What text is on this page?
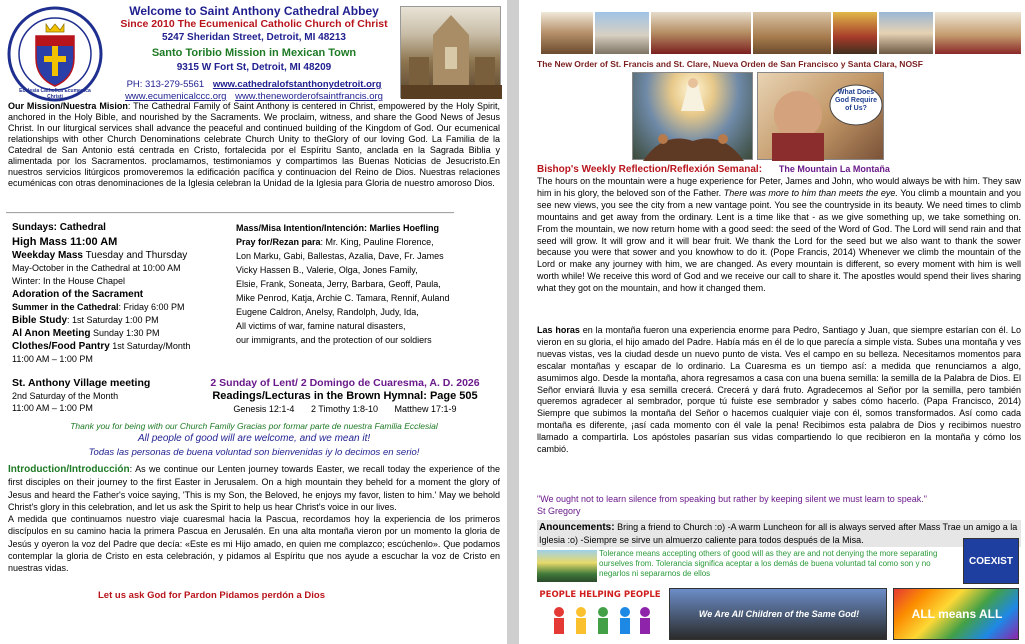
Ecclesia Catholica Ecumenica Christi

Welcome to Saint Anthony Cathedral Abbey

Since 2010 The Ecumenical Catholic Church of Christ

5247 Sheridan Street, Detroit, MI 48213

Santo Toribio Mission in Mexican Town

9315 W Fort St, Detroit, MI 48209

PH: 313-279-5561 www.cathedralofstanthonydetroit.org

www.ecumenicalccc.org www.theneworderofsaintfrancis.org

Our Mission/Nuestra Mision: The Cathedral Family of Saint Anthony is centered in Christ, empowered by the Holy Spirit, anchored in the Holy Bible, and nourished by the Sacraments. We proclaim, witness, and share the Good News of Jesus Christ. In our liturgical services shall advance the peaceful and continued building of the Kingdom of God. Our ecumenical relationships with other Church Denominations celebrate Church Unity to theGlory of our loving God. La Familia de la Catedral de San Antonio está centrada en Cristo, fortalecida por el Espíritu Santo, anclada en la Sagrada Biblia y alimentada por los Sacramentos. proclamamos, testimoniamos y compartimos las Buenas Noticias de Jesucristo.En nuestros servicios litúrgicos promoveremos la edificación pacífica y continuacion del Reino de Dios. Nuestras relaciones ecuménicas con otras denominaciones de la Iglesia celebran la Unidad de la Iglesia para Gloria de nuestro amoroso Dios.

————————————————————————————————————————————————————————

Sundays: Cathedral

High Mass 11:00 AM

Weekday Mass Tuesday and Thursday

May-October in the Cathedral at 10:00 AM

Winter: In the House Chapel

Adoration of the Sacrament

Summer in the Cathedral: Friday 6:00 PM

Bible Study: 1st Saturday 1:00 PM

Al Anon Meeting Sunday 1:30 PM

Clothes/Food Pantry 1st Saturday/Month

11:00 AM – 1:00 PM

Mass/Misa Intention/Intención: Marlies Hoefling

Pray for/Rezan para: Mr. King, Pauline Florence,

Lon Marku, Gabi, Ballestas, Azalia, Dave, Fr. James

Vicky Hassen B., Valerie, Olga, Jones Family,

Elsie, Frank, Soneata, Jerry, Barbara, Geoff, Paula,

Mike Penrod, Katja, Archie C. Tamara, Rennif, Auland

Eugene Caldron, Anelsy, Randolph, Judy, Ida,

All victims of war, famine natural disasters,

our immigrants, and the protection of our soldiers

St. Anthony Village meeting

2nd Saturday of the Month

11:00 AM – 1:00 PM

2 Sunday of Lent/ 2 Domingo de Cuaresma, A. D. 2026

Readings/Lecturas in the Brown Hymnal: Page 505

Genesis 12:1-4 2 Timothy 1:8-10 Matthew 17:1-9

Thank you for being with our Church Family Gracias por formar parte de nuestra Familia Ecclesial

All people of good will are welcome, and we mean it!

Todas las personas de buena voluntad son bienvenidas iy lo decimos en serio!

Introduction/Introducción: As we continue our Lenten journey towards Easter, we recall today the experience of the first disciples on their journey to the first Easter in Jerusalem. On a high mountain they beheld for a moment the glory of Jesus and heard the Father's voice saying, 'This is my Son, the Beloved, he enjoys my favor, listen to him.' May we behold Christ's glory in this celebration, and let us ask the Spirit to help us hear Christ's voice in our lives.

A medida que continuamos nuestro viaje cuaresmal hacia la Pascua, recordamos hoy la experiencia de los primeros discípulos en su camino hacia la primera Pascua en Jerusalén. En una alta montaña vieron por un momento la gloria de Jesús y oyeron la voz del Padre que decía: «Este es mi Hijo amado, en quien me complazco; escúchenlo». Que podamos contemplar la gloria de Cristo en esta celebración, y pidamos al Espíritu que nos ayude a escuchar la voz de Cristo en nuestras vidas.

Let us ask God for Pardon Pidamos perdón a Dios
The New Order of St. Francis and St. Clare, Nueva Orden de San Francisco y Santa Clara, NOSF
What Does God Require of Us?
Bishop's Weekly Reflection/Reflexión Semanal: The Mountain La Montaña

The hours on the mountain were a huge experience for Peter, James and John, who would always be with him. They saw him in his glory, the beloved son of the Father. There was more to him than meets the eye. You climb a mountain and you see new views, you see the city from a new vantage point. You see the countryside in its beauty. We need times to climb mountains and get away from the ordinary. Lent is a time like that - as we give something up, we take something on. From the mountain, we now return home with a good seed: the seed of the Word of God. The Lord will send rain and that seed will grow. It will grow and it will bear fruit. We thank the Lord for the seed but we also want to thank the sower because you were that sower and you knowhow to do it. (Pope Francis, 2014) Whenever we climb the mountain of the Lord or make any journey with him, we are changed. As every mountain is different, so every moment with him is well worth while! We receive this word of God and we receive our call to share it. The apostles would spend their lives sharing what they got on the mountain, and how it changed them.

Las horas en la montaña fueron una experiencia enorme para Pedro, Santiago y Juan, que siempre estarían con él. Lo vieron en su gloria, el hijo amado del Padre. Había más en él de lo que parecía a simple vista. Subes una montaña y ves nuevas vistas, ves la ciudad desde un nuevo punto de vista. Ves el campo en su belleza. Necesitamos momentos para escalar montañas y escapar de lo ordinario. La Cuaresma es un tiempo así: a medida que renunciamos a algo, asumimos algo. Desde la montaña, ahora regresamos a casa con una buena semilla: la semilla de la Palabra de Dios. El Señor enviará lluvia y esa semilla crecerá. Crecerá y dará fruto. Agradecemos al Señor por la semilla, pero también queremos agradecer al sembrador, porque tú fuiste ese sembrador y sabes cómo hacerlo. (Papa Francisco, 2014) Siempre que subimos la montaña del Señor o hacemos cualquier viaje con él, somos transformados. Así como cada montaña es diferente, ¡así cada momento con él vale la pena! Recibimos esta palabra de Dios y recibimos nuestro llamado a compartirla. Los apóstoles pasarían sus vidas compartiendo lo que recibieron en la montaña y cómo los cambió.

"We ought not to learn silence from speaking but rather by keeping silent we must learn to speak."

St Gregory

Anouncements: Bring a friend to Church :o) -A warm Luncheon for all is always served after Mass Trae un amigo a la Iglesia :o) -Siempre se sirve un almuerzo caliente para todos después de la Misa.

Tolerance means accepting others of good will as they are and not denying the more separating ourselves from. Tolerancia significa aceptar a los demás de buena voluntad tal como son y no negarlos ni separarnos de ellos
COEXIST
PEOPLE HELPING PEOPLE
We Are All Children of the Same God!	ALL means ALL
